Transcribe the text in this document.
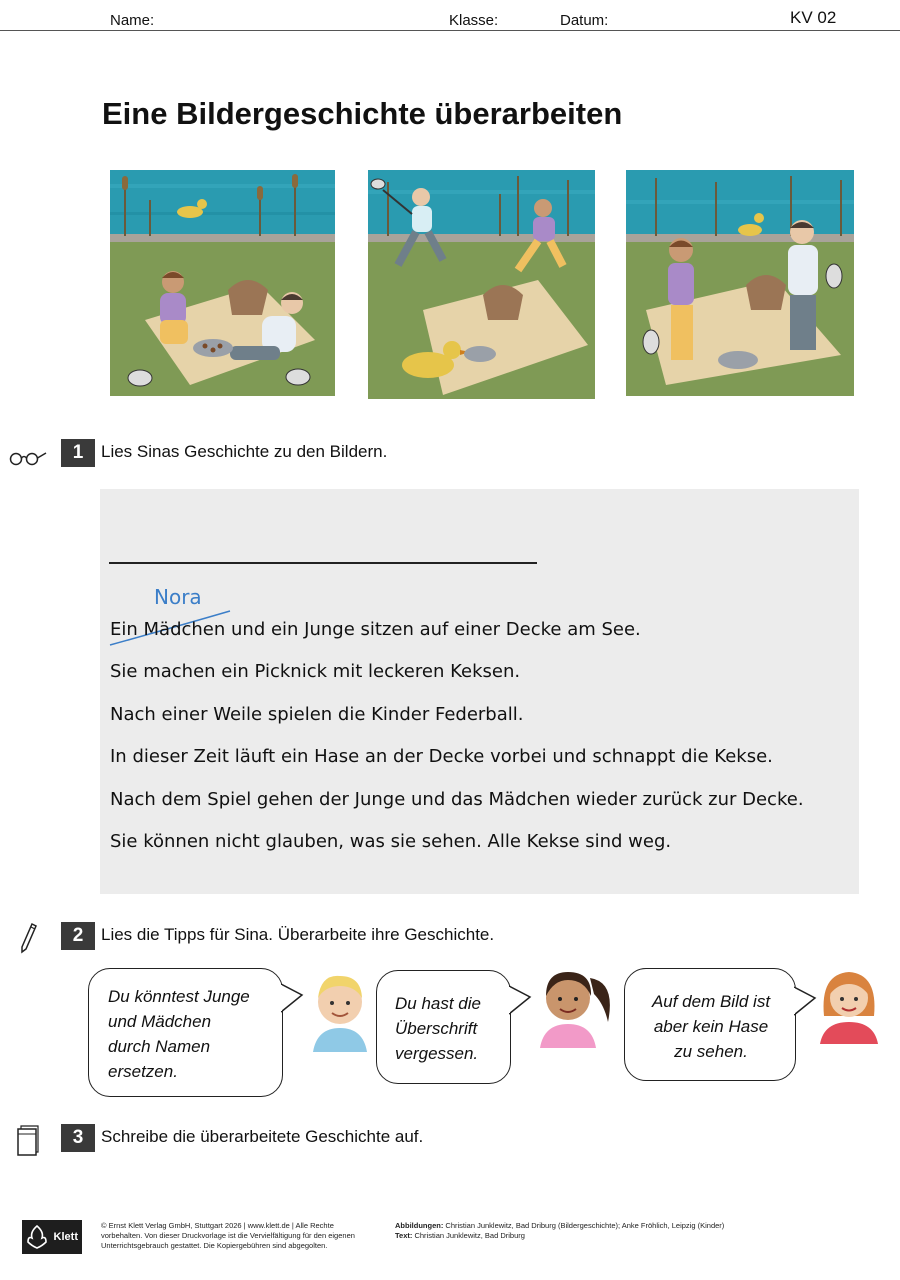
Name:	Klasse:	Datum:	KV 02
Eine Bildergeschichte überarbeiten
1	Lies Sinas Geschichte zu den Bildern.
Nora
Ein Mädchen und ein Junge sitzen auf einer Decke am See.
Sie machen ein Picknick mit leckeren Keksen.
Nach einer Weile spielen die Kinder Federball.
In dieser Zeit läuft ein Hase an der Decke vorbei und schnappt die Kekse.
Nach dem Spiel gehen der Junge und das Mädchen wieder zurück zur Decke.
Sie können nicht glauben, was sie sehen. Alle Kekse sind weg.
2	Lies die Tipps für Sina. Überarbeite ihre Geschichte.
Du könntest Junge
und Mädchen
durch Namen
ersetzen.
Du hast die
Überschrift
vergessen.
Auf dem Bild ist
aber kein Hase
zu sehen.
3	Schreibe die überarbeitete Geschichte auf.
Klett
© Ernst Klett Verlag GmbH, Stuttgart 2026 | www.klett.de | Alle Rechte
vorbehalten. Von dieser Druckvorlage ist die Vervielfältigung für den eigenen
Unterrichtsgebrauch gestattet. Die Kopiergebühren sind abgegolten.
Abbildungen: Christian Junklewitz, Bad Driburg (Bildergeschichte); Anke Fröhlich, Leipzig (Kinder)
Text: Christian Junklewitz, Bad Driburg
